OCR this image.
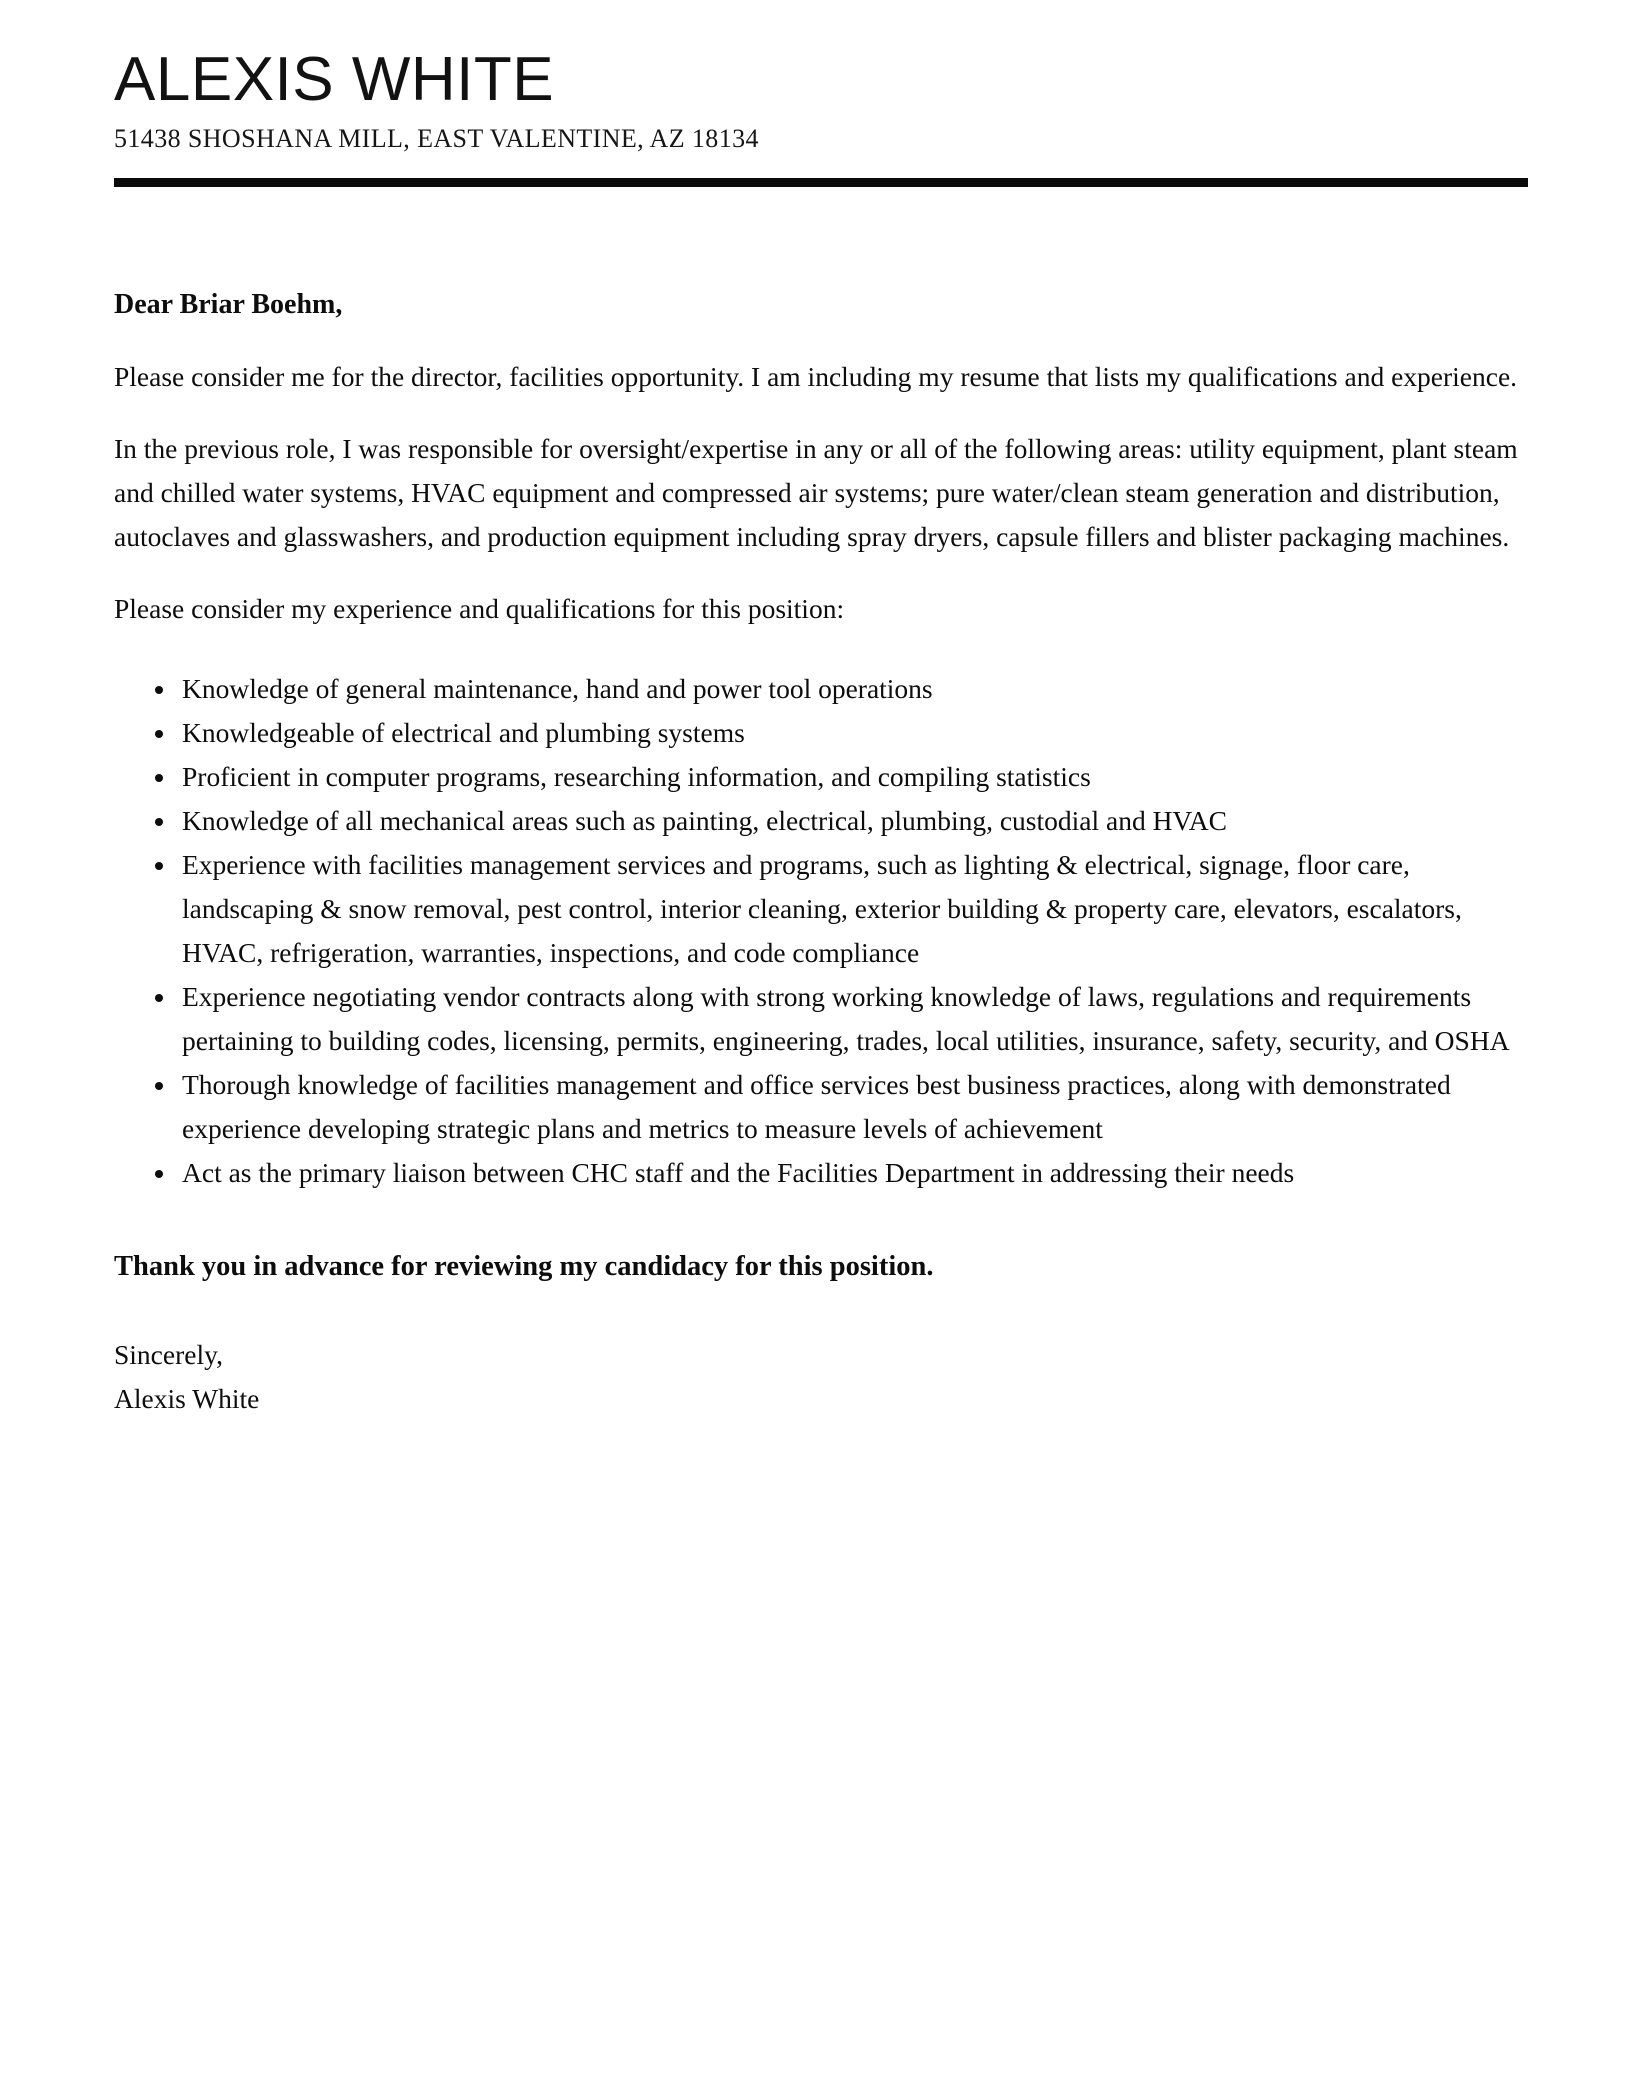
ALEXIS WHITE
51438 SHOSHANA MILL, EAST VALENTINE, AZ 18134

Dear Briar Boehm,

Please consider me for the director, facilities opportunity. I am including my resume that lists my qualifications and experience.

In the previous role, I was responsible for oversight/expertise in any or all of the following areas: utility equipment, plant steam and chilled water systems, HVAC equipment and compressed air systems; pure water/clean steam generation and distribution, autoclaves and glasswashers, and production equipment including spray dryers, capsule fillers and blister packaging machines.

Please consider my experience and qualifications for this position:

• Knowledge of general maintenance, hand and power tool operations
• Knowledgeable of electrical and plumbing systems
• Proficient in computer programs, researching information, and compiling statistics
• Knowledge of all mechanical areas such as painting, electrical, plumbing, custodial and HVAC
• Experience with facilities management services and programs, such as lighting & electrical, signage, floor care, landscaping & snow removal, pest control, interior cleaning, exterior building & property care, elevators, escalators, HVAC, refrigeration, warranties, inspections, and code compliance
• Experience negotiating vendor contracts along with strong working knowledge of laws, regulations and requirements pertaining to building codes, licensing, permits, engineering, trades, local utilities, insurance, safety, security, and OSHA
• Thorough knowledge of facilities management and office services best business practices, along with demonstrated experience developing strategic plans and metrics to measure levels of achievement
• Act as the primary liaison between CHC staff and the Facilities Department in addressing their needs

Thank you in advance for reviewing my candidacy for this position.

Sincerely,

Alexis White
